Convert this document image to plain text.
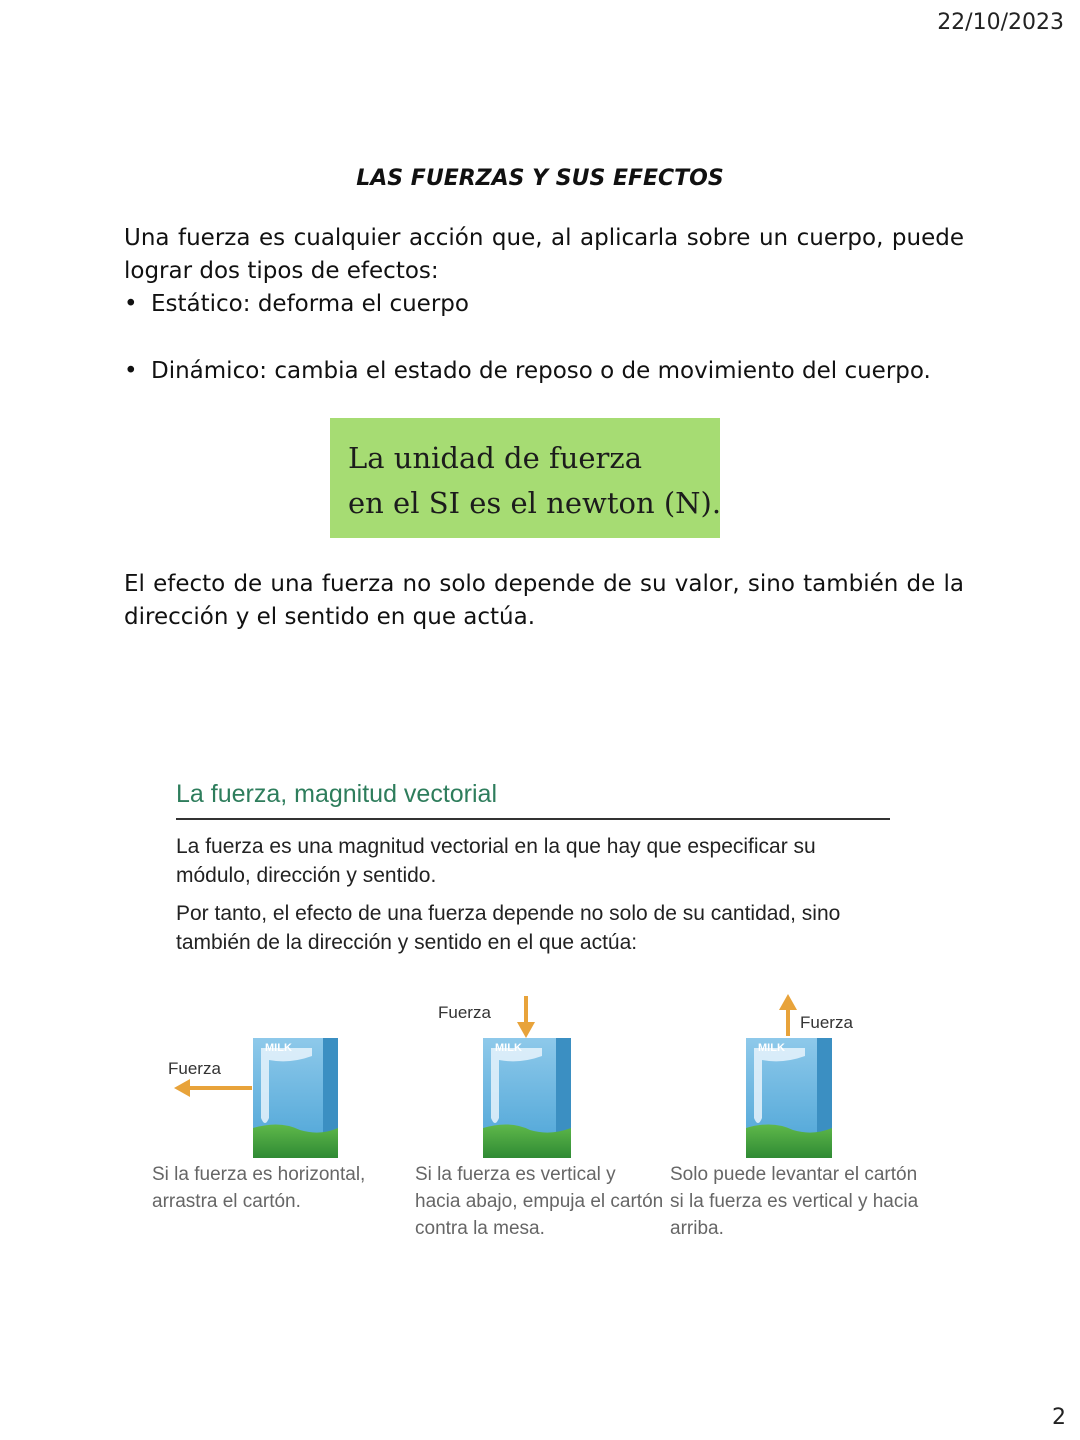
22/10/2023
LAS FUERZAS Y SUS EFECTOS
Una fuerza es cualquier acción que, al aplicarla sobre un cuerpo, puede lograr dos tipos de efectos:
• Estático: deforma el cuerpo
• Dinámico: cambia el estado de reposo o de movimiento del cuerpo.
La unidad de fuerza
en el SI es el newton (N).
El efecto de una fuerza no solo depende de su valor, sino también de la dirección y el sentido en que actúa.
La fuerza, magnitud vectorial
La fuerza es una magnitud vectorial en la que hay que especificar su módulo, dirección y sentido.
Por tanto, el efecto de una fuerza depende no solo de su cantidad, sino también de la dirección y sentido en el que actúa:
MILK
Fuerza
MILK
Fuerza
MILK
Fuerza
Si la fuerza es horizontal, arrastra el cartón.
Si la fuerza es vertical y hacia abajo, empuja el cartón contra la mesa.
Solo puede levantar el cartón si la fuerza es vertical y hacia arriba.
2
